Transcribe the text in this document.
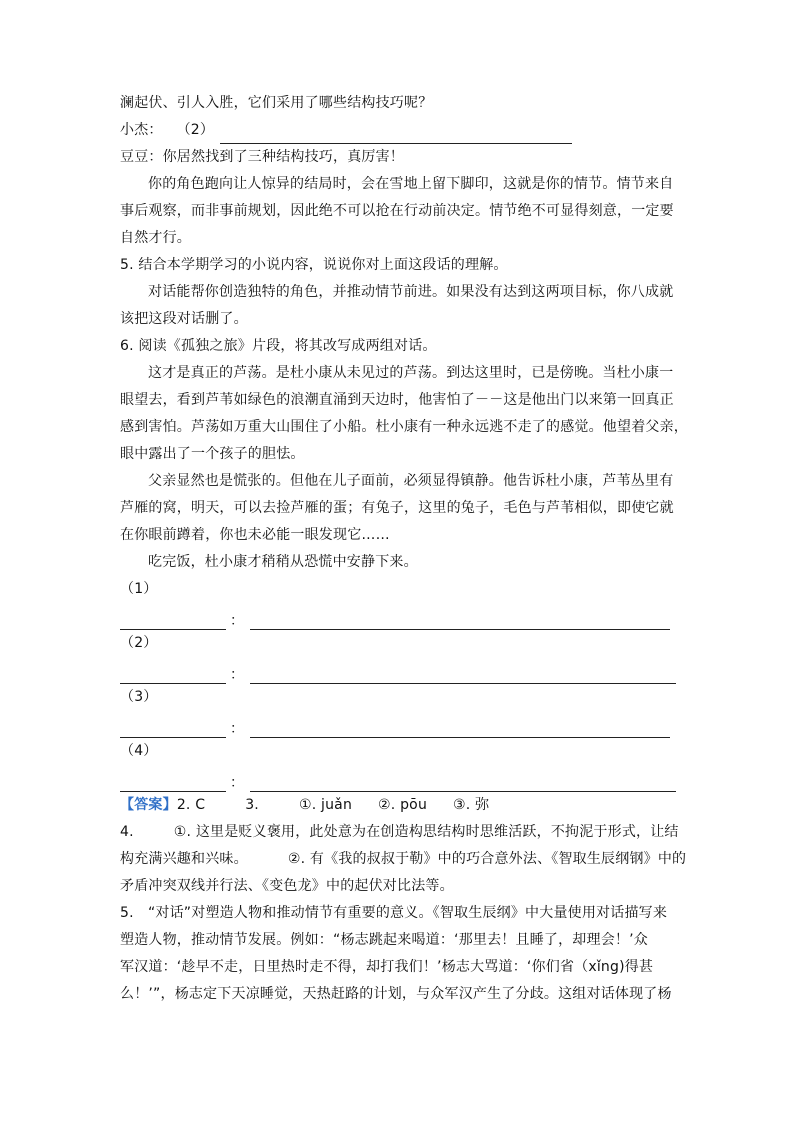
澜起伏、引人入胜，它们采用了哪些结构技巧呢？
小杰： （2）
豆豆：你居然找到了三种结构技巧，真厉害！
你的角色跑向让人惊异的结局时，会在雪地上留下脚印，这就是你的情节。情节来自
事后观察，而非事前规划，因此绝不可以抢在行动前决定。情节绝不可显得刻意，一定要
自然才行。
5. 结合本学期学习的小说内容，说说你对上面这段话的理解。
对话能帮你创造独特的角色，并推动情节前进。如果没有达到这两项目标，你八成就
该把这段对话删了。
6. 阅读《孤独之旅》片段，将其改写成两组对话。
这才是真正的芦荡。是杜小康从未见过的芦荡。到达这里时，已是傍晚。当杜小康一
眼望去，看到芦苇如绿色的浪潮直涌到天边时，他害怕了－－这是他出门以来第一回真正
感到害怕。芦荡如万重大山围住了小船。杜小康有一种永远逃不走了的感觉。他望着父亲，
眼中露出了一个孩子的胆怯。
父亲显然也是慌张的。但他在儿子面前，必须显得镇静。他告诉杜小康，芦苇丛里有
芦雁的窝，明天，可以去捡芦雁的蛋；有兔子，这里的兔子，毛色与芦苇相似，即使它就
在你眼前蹲着，你也未必能一眼发现它……
吃完饭，杜小康才稍稍从恐慌中安静下来。
（1）
：
（2）
：
（3）
：
（4）
：
【答案】2. C	3.	①. juǎn ②. pōu ③. 弥
4.	①. 这里是贬义褒用，此处意为在创造构思结构时思维活跃，不拘泥于形式，让结
构充满兴趣和兴味。	②. 有《我的叔叔于勒》中的巧合意外法、《智取生辰纲钢》中的
矛盾冲突双线并行法、《变色龙》中的起伏对比法等。
5.　“对话”对塑造人物和推动情节有重要的意义。《智取生辰纲》中大量使用对话描写来
塑造人物，推动情节发展。例如：“杨志跳起来喝道：‘那里去！且睡了，却理会！’众
军汉道：‘趁早不走，日里热时走不得，却打我们！’杨志大骂道：‘你们省（xǐng)得甚
么！’”，杨志定下天凉睡觉，天热赶路的计划，与众军汉产生了分歧。这组对话体现了杨
